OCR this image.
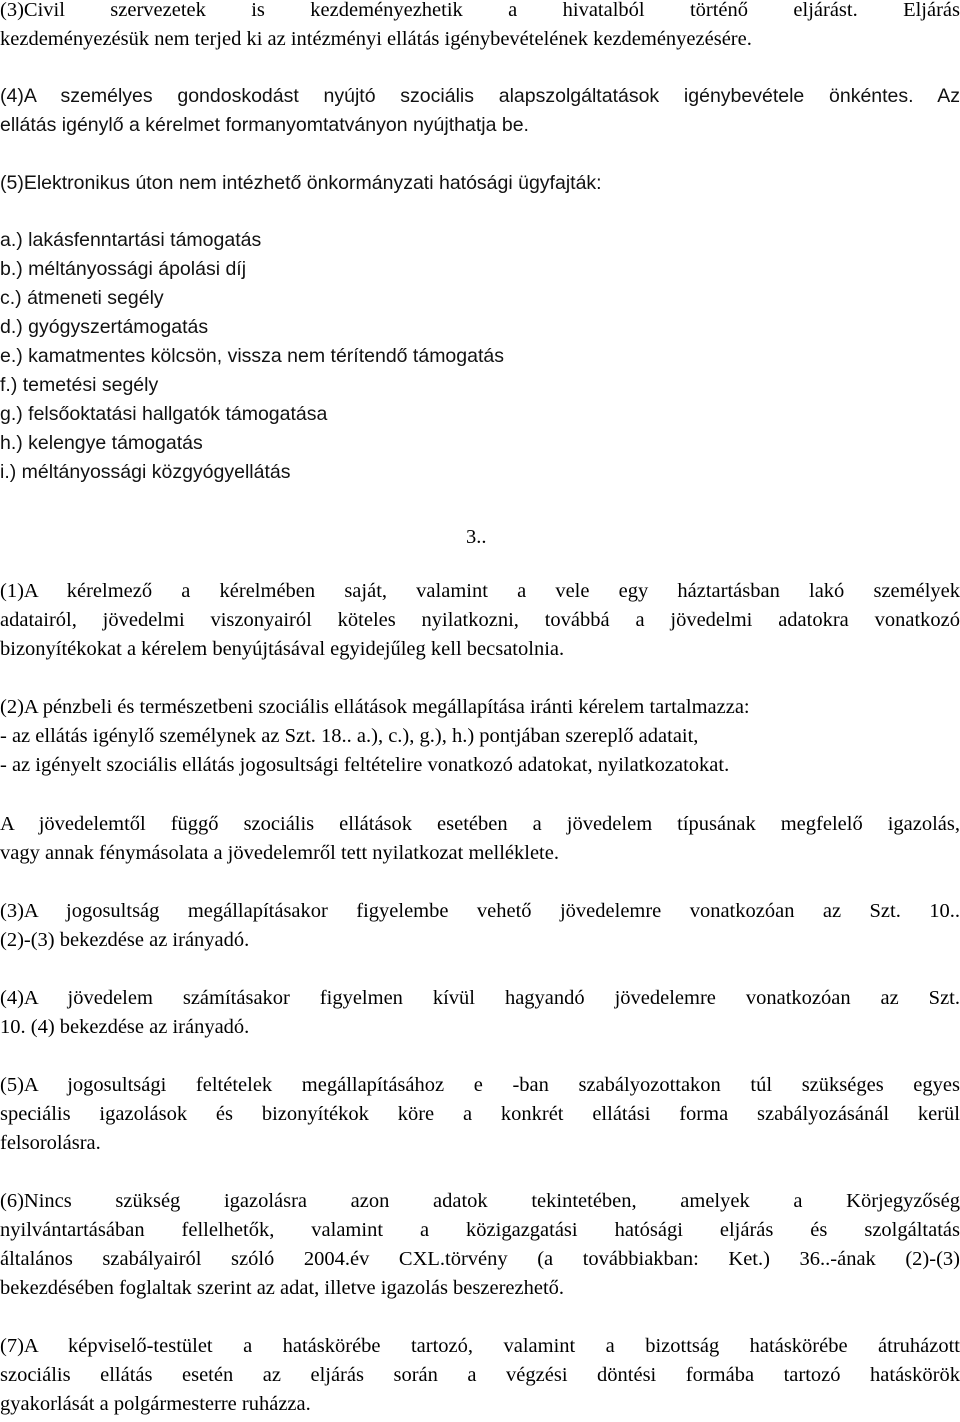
(3)Civil szervezetek is kezdeményezhetik a hivatalból történő eljárást. Eljárás
kezdeményezésük nem terjed ki az intézményi ellátás igénybevételének kezdeményezésére.
(4)A személyes gondoskodást nyújtó szociális alapszolgáltatások igénybevétele önkéntes. Az
ellátás igénylő a kérelmet formanyomtatványon nyújthatja be.
(5)Elektronikus úton nem intézhető önkormányzati hatósági ügyfajták:
a.) lakásfenntartási támogatás
b.) méltányossági ápolási díj
c.) átmeneti segély
d.) gyógyszertámogatás
e.) kamatmentes kölcsön, vissza nem térítendő támogatás
f.) temetési segély
g.) felsőoktatási hallgatók támogatása
h.) kelengye támogatás
i.) méltányossági közgyógyellátás
3..
(1)A kérelmező a kérelmében saját, valamint a vele egy háztartásban lakó személyek
adatairól, jövedelmi viszonyairól köteles nyilatkozni, továbbá a jövedelmi adatokra vonatkozó
bizonyítékokat a kérelem benyújtásával egyidejűleg kell becsatolnia.
(2)A pénzbeli és természetbeni szociális ellátások megállapítása iránti kérelem tartalmazza:
- az ellátás igénylő személynek az Szt. 18.. a.), c.), g.), h.) pontjában szereplő adatait,
- az igényelt szociális ellátás jogosultsági feltételire vonatkozó adatokat, nyilatkozatokat.
A jövedelemtől függő szociális ellátások esetében a jövedelem típusának megfelelő igazolás,
vagy annak fénymásolata a jövedelemről tett nyilatkozat melléklete.
(3)A jogosultság megállapításakor figyelembe vehető jövedelemre vonatkozóan az Szt. 10..
(2)-(3) bekezdése az irányadó.
(4)A jövedelem számításakor figyelmen kívül hagyandó jövedelemre vonatkozóan az Szt.
10. (4) bekezdése az irányadó.
(5)A jogosultsági feltételek megállapításához e -ban szabályozottakon túl szükséges egyes
speciális igazolások és bizonyítékok köre a konkrét ellátási forma szabályozásánál kerül
felsorolásra.
(6)Nincs szükség igazolásra azon adatok tekintetében, amelyek a Körjegyzőség
nyilvántartásában fellelhetők, valamint a közigazgatási hatósági eljárás és szolgáltatás
általános szabályairól szóló 2004.év CXL.törvény (a továbbiakban: Ket.) 36..-ának (2)-(3)
bekezdésében foglaltak szerint az adat, illetve igazolás beszerezhető.
(7)A képviselő-testület a hatáskörébe tartozó, valamint a bizottság hatáskörébe átruházott
szociális ellátás esetén az eljárás során a végzési döntési formába tartozó hatáskörök
gyakorlását a polgármesterre ruházza.
